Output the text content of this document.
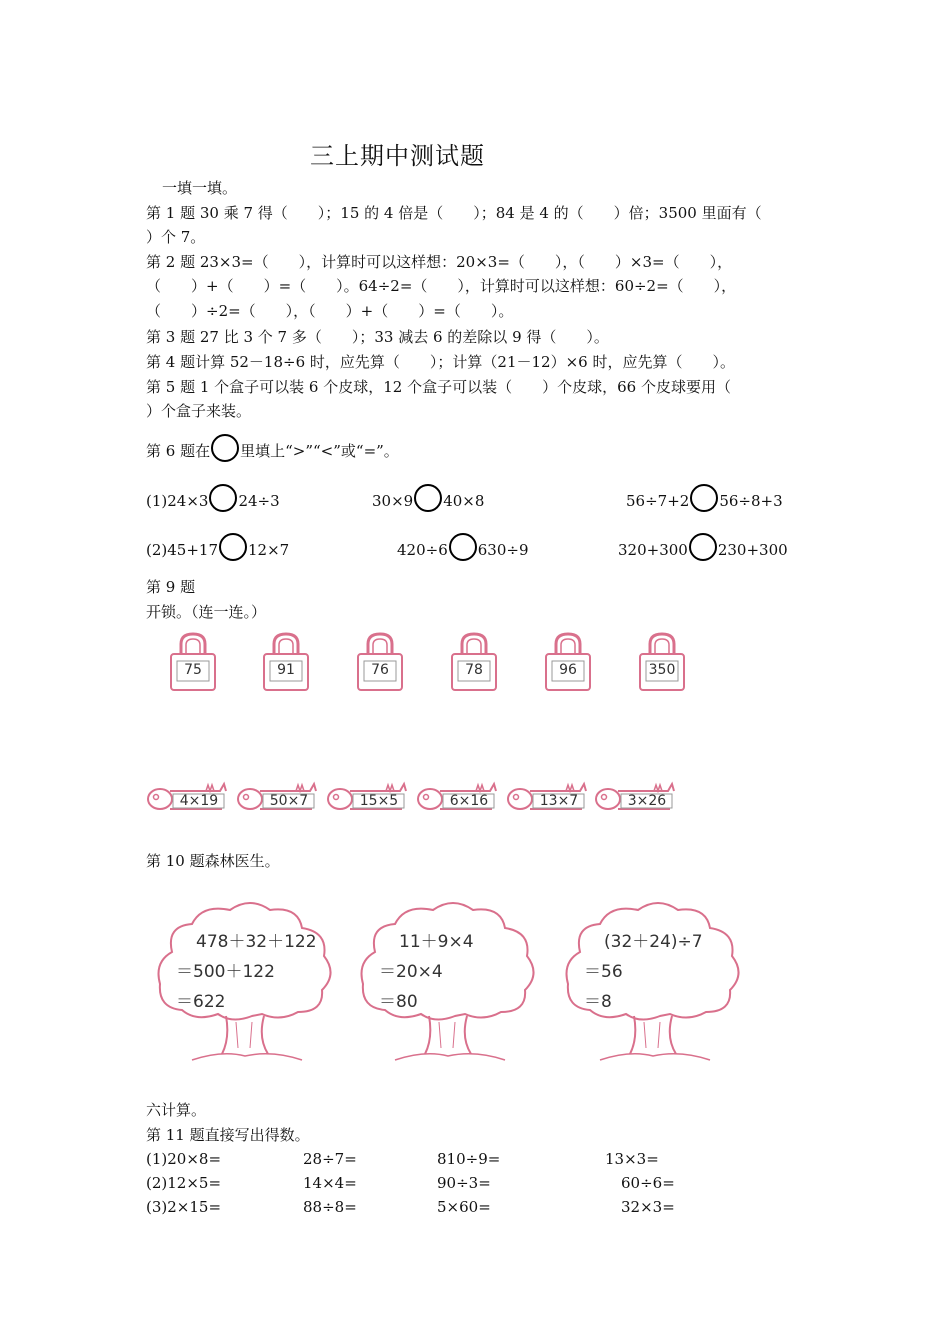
三上期中测试题
一填一填。
第 1 题 30 乘 7 得（　　）；15 的 4 倍是（　　）；84 是 4 的（　　）倍；3500 里面有（
）个 7。
第 2 题 23×3=（　　），计算时可以这样想：20×3=（　　），（　　）×3=（　　），
（　　）+（　　）=（　　）。64÷2=（　　），计算时可以这样想：60÷2=（　　），
（　　）÷2=（　　），（　　）+（　　）=（　　）。
第 3 题 27 比 3 个 7 多（　　）；33 减去 6 的差除以 9 得（　　）。
第 4 题计算 52－18÷6 时，应先算（　　）；计算（21－12）×6 时，应先算（　　）。
第 5 题 1 个盒子可以装 6 个皮球，12 个盒子可以装（　　）个皮球，66 个皮球要用（
）个盒子来装。
第 6 题在 里填上“>”“<”或“=”。
(1)24×3 24÷3	30×9 40×8	56÷7+2 56÷8+3
(2)45+17 12×7	420÷6 630÷9	320+300 230+300
第 9 题
开锁。（连一连。）
75	91	76	78	96	350
4×19	50×7	15×5	6×16	13×7	3×26
第 10 题森林医生。
478＋32＋122
＝500＋122
＝622
11＋9×4
＝20×4
＝80
(32＋24)÷7
＝56
＝8
六计算。
第 11 题直接写出得数。
(1)20×8=	28÷7=	810÷9=	13×3=
(2)12×5=	14×4=	90÷3=	60÷6=
(3)2×15=	88÷8=	5×60=	32×3=
